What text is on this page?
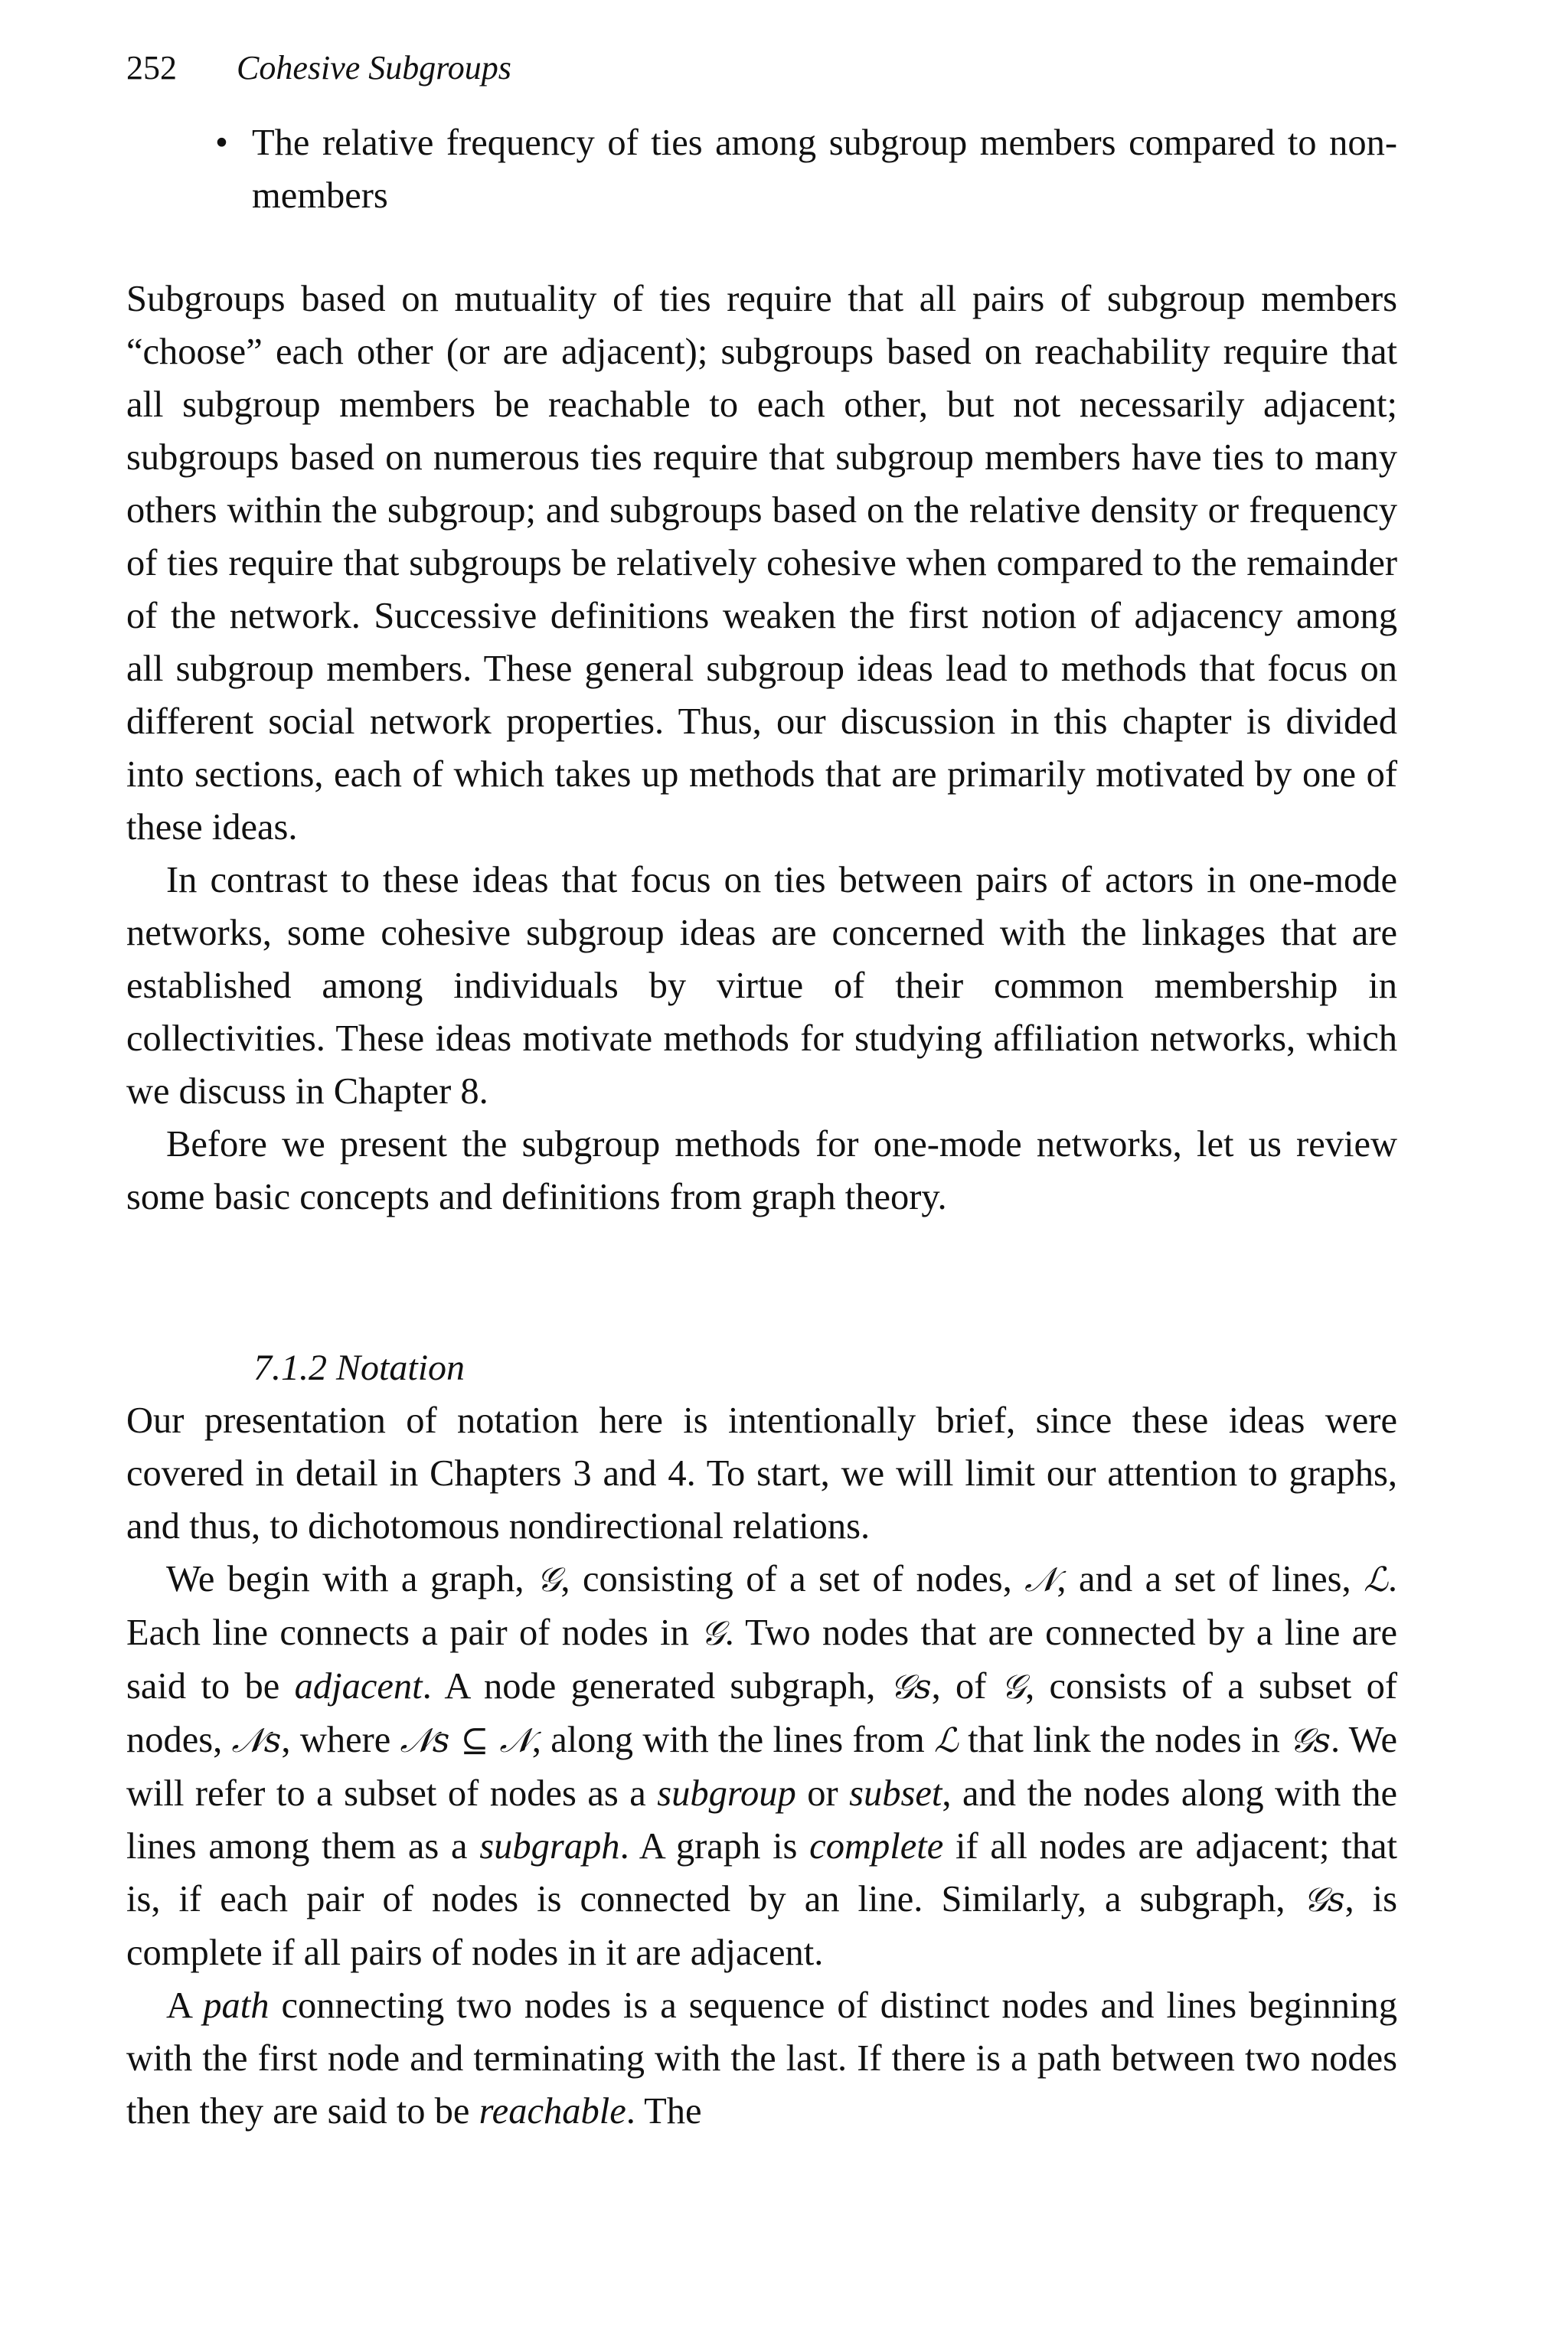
252 Cohesive Subgroups
• The relative frequency of ties among subgroup members compared to non-members

Subgroups based on mutuality of ties require that all pairs of subgroup members “choose” each other (or are adjacent); subgroups based on reachability require that all subgroup members be reachable to each other, but not necessarily adjacent; subgroups based on numerous ties require that subgroup members have ties to many others within the subgroup; and subgroups based on the relative density or frequency of ties require that subgroups be relatively cohesive when compared to the remainder of the network. Successive definitions weaken the first notion of adjacency among all subgroup members. These general subgroup ideas lead to methods that focus on different social network properties. Thus, our discussion in this chapter is divided into sections, each of which takes up methods that are primarily motivated by one of these ideas.

In contrast to these ideas that focus on ties between pairs of actors in one-mode networks, some cohesive subgroup ideas are concerned with the linkages that are established among individuals by virtue of their common membership in collectivities. These ideas motivate methods for studying affiliation networks, which we discuss in Chapter 8.

Before we present the subgroup methods for one-mode networks, let us review some basic concepts and definitions from graph theory.

7.1.2 Notation

Our presentation of notation here is intentionally brief, since these ideas were covered in detail in Chapters 3 and 4. To start, we will limit our attention to graphs, and thus, to dichotomous nondirectional relations.

We begin with a graph, 𝒢, consisting of a set of nodes, 𝒩, and a set of lines, ℒ. Each line connects a pair of nodes in 𝒢. Two nodes that are connected by a line are said to be adjacent. A node generated subgraph, 𝒢s, of 𝒢, consists of a subset of nodes, 𝒩s, where 𝒩s ⊆ 𝒩, along with the lines from ℒ that link the nodes in 𝒢s. We will refer to a subset of nodes as a subgroup or subset, and the nodes along with the lines among them as a subgraph. A graph is complete if all nodes are adjacent; that is, if each pair of nodes is connected by an line. Similarly, a subgraph, 𝒢s, is complete if all pairs of nodes in it are adjacent.

A path connecting two nodes is a sequence of distinct nodes and lines beginning with the first node and terminating with the last. If there is a path between two nodes then they are said to be reachable. The
